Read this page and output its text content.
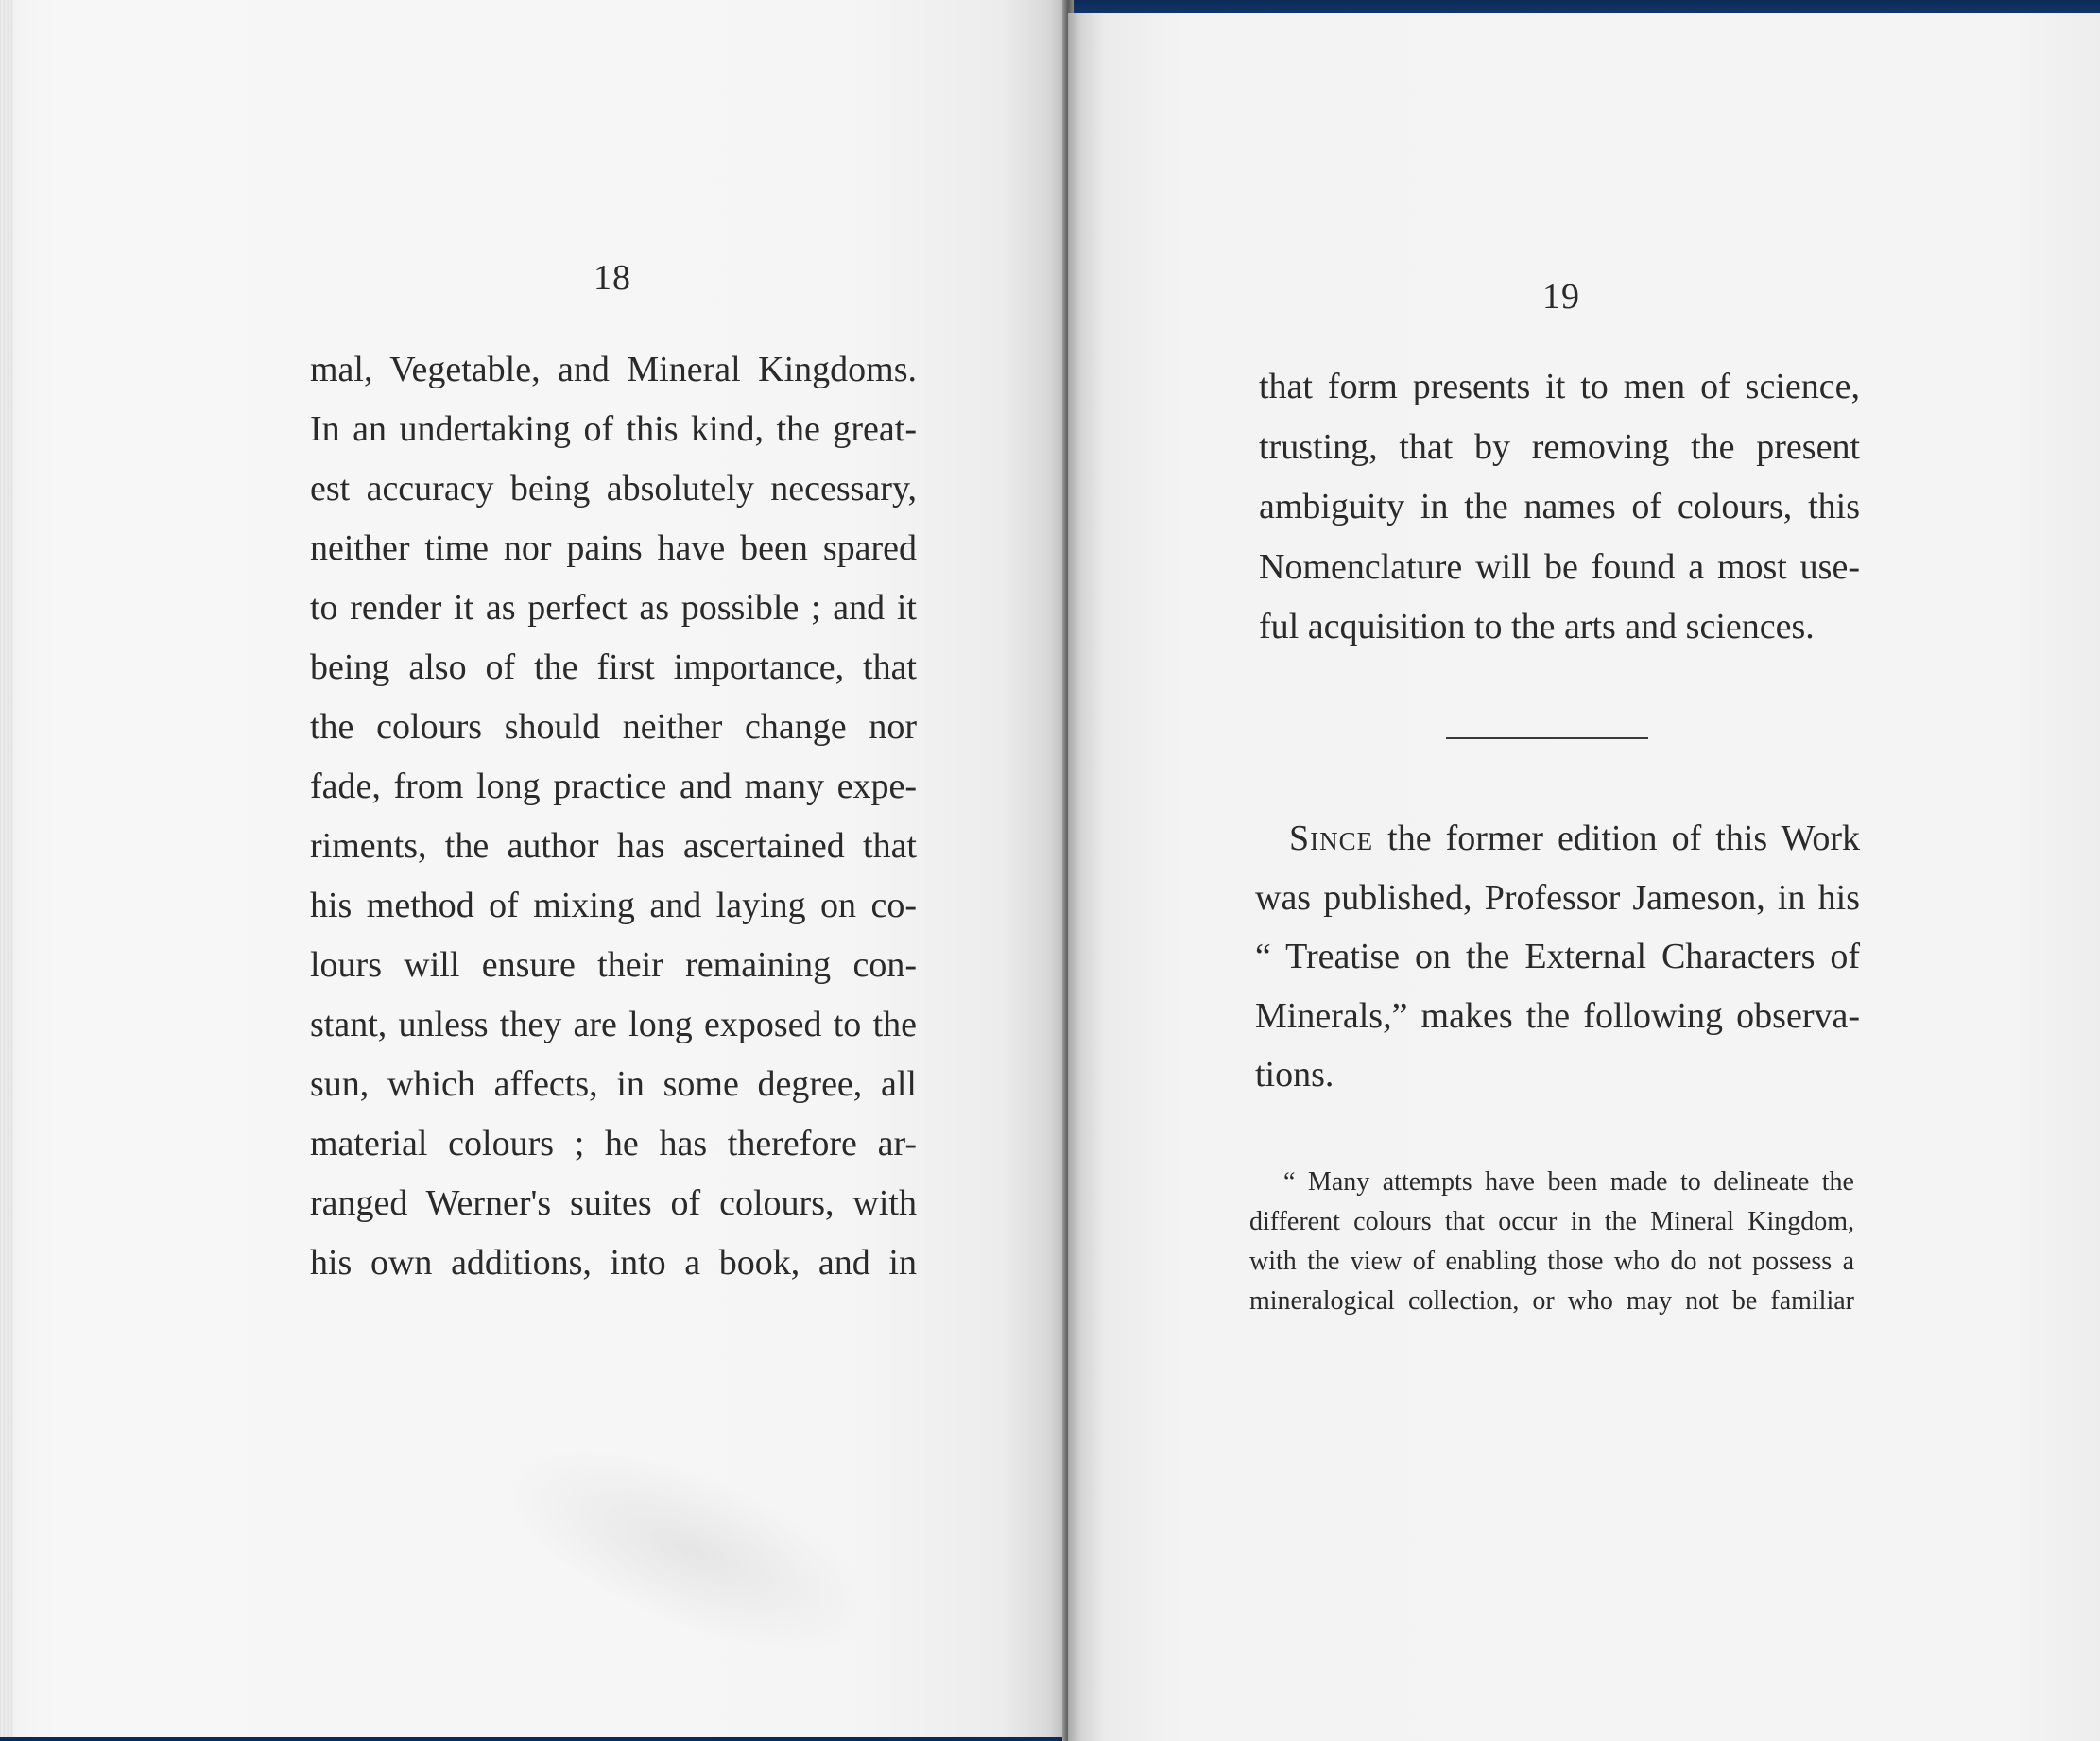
18
mal, Vegetable, and Mineral Kingdoms.
In an undertaking of this kind, the great-
est accuracy being absolutely necessary,
neither time nor pains have been spared
to render it as perfect as possible ; and it
being also of the first importance, that
the colours should neither change nor
fade, from long practice and many expe-
riments, the author has ascertained that
his method of mixing and laying on co-
lours will ensure their remaining con-
stant, unless they are long exposed to the
sun, which affects, in some degree, all
material colours ; he has therefore ar-
ranged Werner's suites of colours, with
his own additions, into a book, and in
19
that form presents it to men of science,
trusting, that by removing the present
ambiguity in the names of colours, this
Nomenclature will be found a most use-
ful acquisition to the arts and sciences.
Since the former edition of this Work
was published, Professor Jameson, in his
“ Treatise on the External Characters of
Minerals,” makes the following observa-
tions.
“ Many attempts have been made to delineate the
different colours that occur in the Mineral Kingdom,
with the view of enabling those who do not possess a
mineralogical collection, or who may not be familiar
